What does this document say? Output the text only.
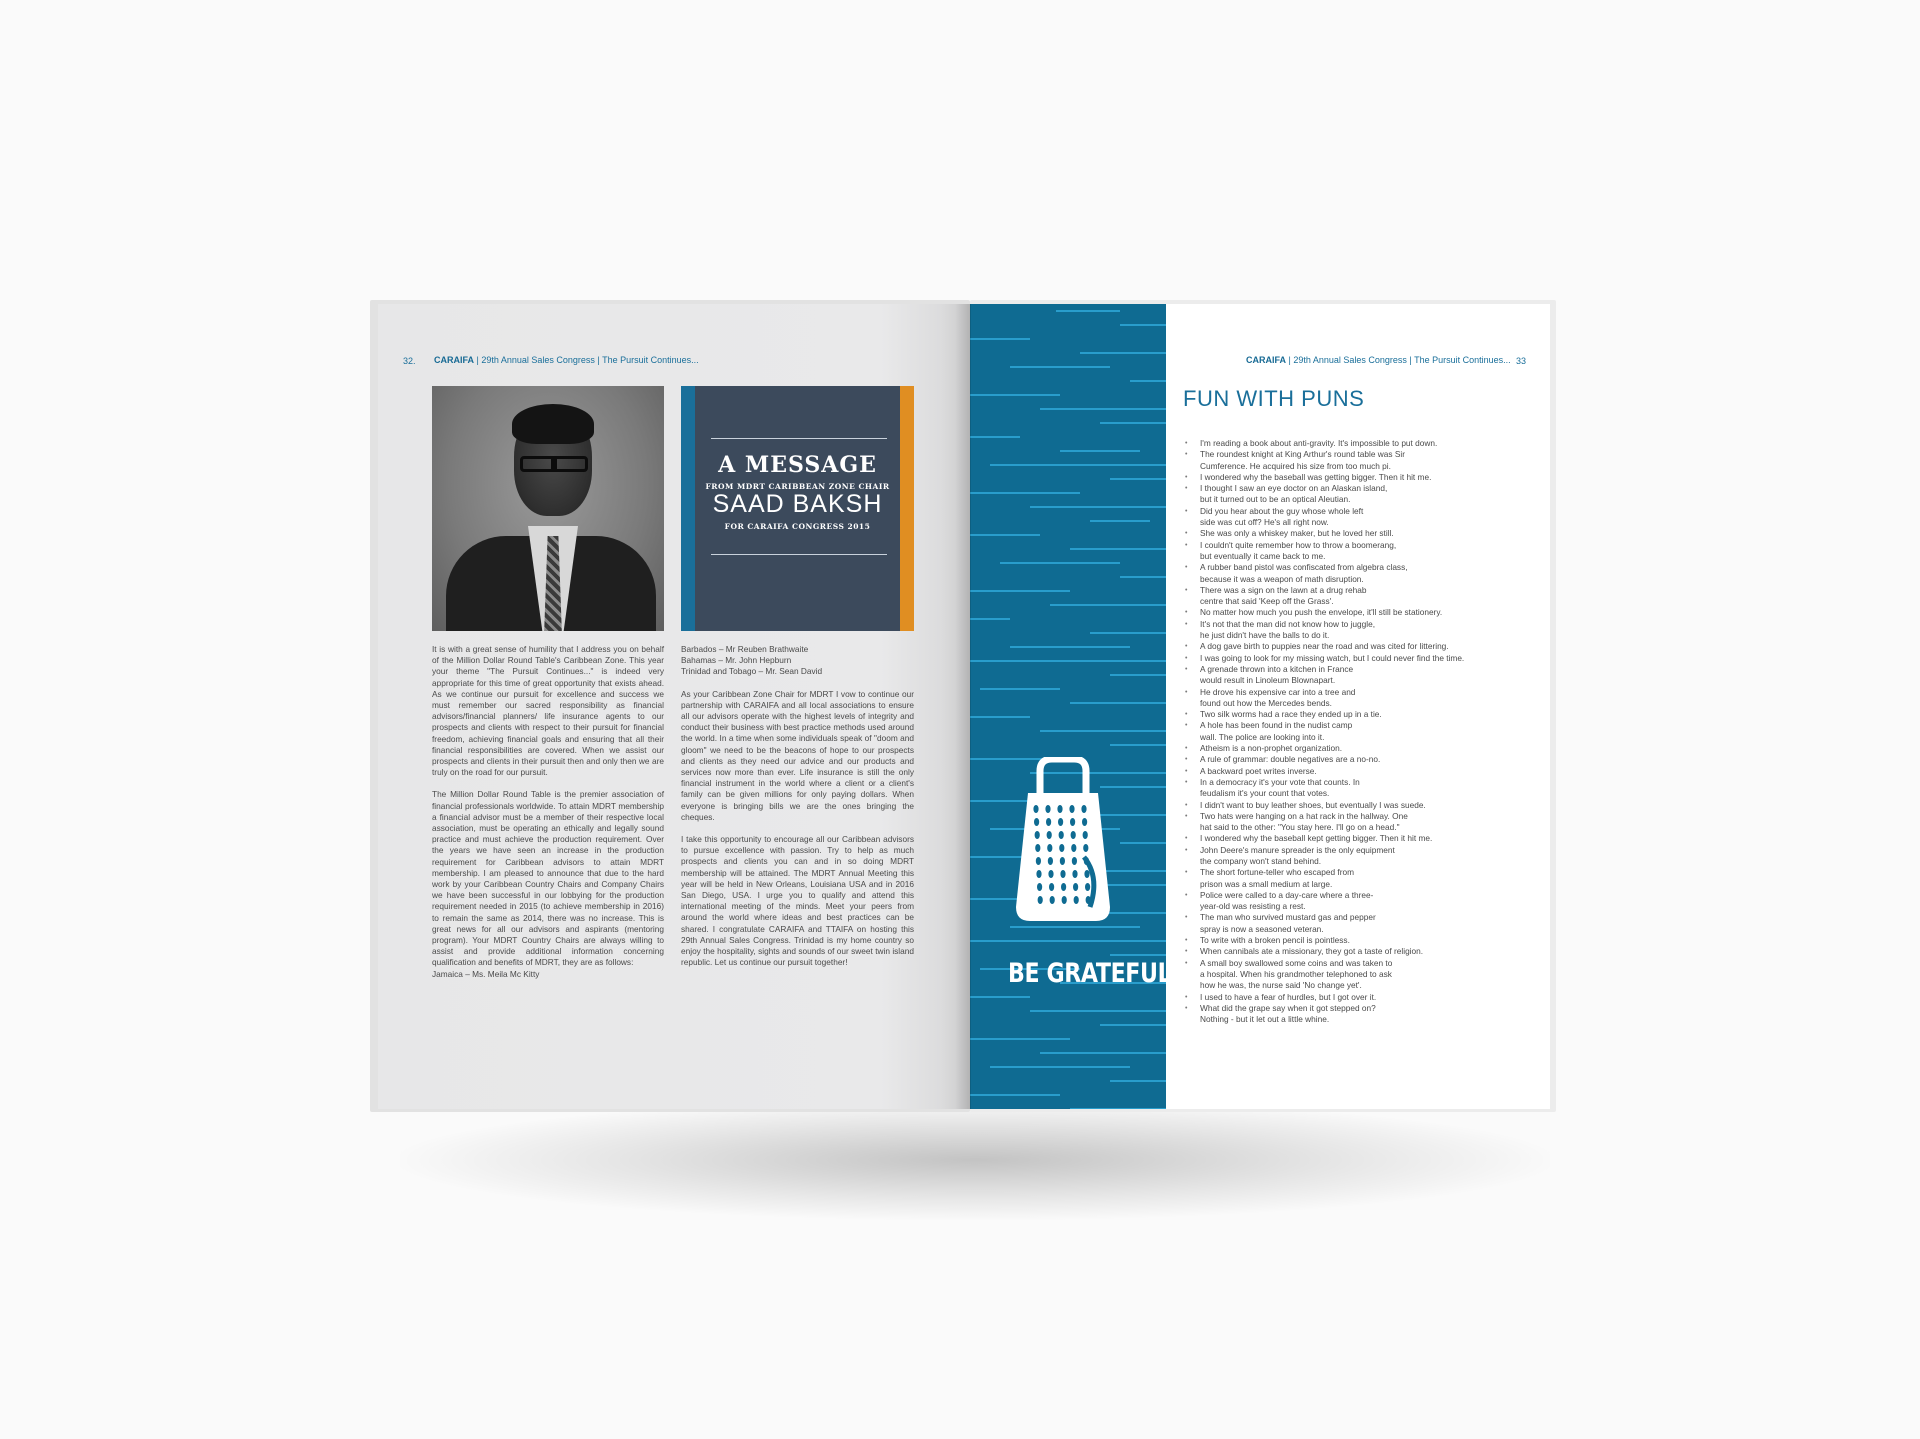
32. CARAIFA | 29th Annual Sales Congress | The Pursuit Continues...
A MESSAGE
FROM MDRT CARIBBEAN ZONE CHAIR
SAAD BAKSH
FOR CARAIFA CONGRESS 2015

It is with a great sense of humility that I address you on behalf of the Million Dollar Round Table's Caribbean Zone. This year your theme "The Pursuit Continues..." is indeed very appropriate for this time of great opportunity that exists ahead. As we continue our pursuit for excellence and success we must remember our sacred responsibility as financial advisors/financial planners/ life insurance agents to our prospects and clients with respect to their pursuit for financial freedom, achieving financial goals and ensuring that all their financial responsibilities are covered. When we assist our prospects and clients in their pursuit then and only then we are truly on the road for our pursuit.

The Million Dollar Round Table is the premier association of financial professionals worldwide. To attain MDRT membership a financial advisor must be a member of their respective local association, must be operating an ethically and legally sound practice and must achieve the production requirement. Over the years we have seen an increase in the production requirement for Caribbean advisors to attain MDRT membership. I am pleased to announce that due to the hard work by your Caribbean Country Chairs and Company Chairs we have been successful in our lobbying for the production requirement needed in 2015 (to achieve membership in 2016) to remain the same as 2014, there was no increase. This is great news for all our advisors and aspirants (mentoring program). Your MDRT Country Chairs are always willing to assist and provide additional information concerning qualification and benefits of MDRT, they are as follows:

Jamaica – Ms. Meila Mc Kitty
Barbados – Mr Reuben Brathwaite
Bahamas – Mr. John Hepburn
Trinidad and Tobago – Mr. Sean David

As your Caribbean Zone Chair for MDRT I vow to continue our partnership with CARAIFA and all local associations to ensure all our advisors operate with the highest levels of integrity and conduct their business with best practice methods used around the world. In a time when some individuals speak of "doom and gloom" we need to be the beacons of hope to our prospects and clients as they need our advice and our products and services now more than ever. Life insurance is still the only financial instrument in the world where a client or a client's family can be given millions for only paying dollars. When everyone is bringing bills we are the ones bringing the cheques.

I take this opportunity to encourage all our Caribbean advisors to pursue excellence with passion. Try to help as much prospects and clients you can and in so doing MDRT membership will be attained. The MDRT Annual Meeting this year will be held in New Orleans, Louisiana USA and in 2016 San Diego, USA. I urge you to qualify and attend this international meeting of the minds. Meet your peers from around the world where ideas and best practices can be shared. I congratulate CARAIFA and TTAIFA on hosting this 29th Annual Sales Congress. Trinidad is my home country so enjoy the hospitality, sights and sounds of our sweet twin island republic. Let us continue our pursuit together!	BE GRATEFUL
CARAIFA | 29th Annual Sales Congress | The Pursuit Continues... 33
FUN WITH PUNS
• I'm reading a book about anti-gravity. It's impossible to put down.
• The roundest knight at King Arthur's round table was Sir
Cumference. He acquired his size from too much pi.
• I wondered why the baseball was getting bigger. Then it hit me.
• I thought I saw an eye doctor on an Alaskan island,
but it turned out to be an optical Aleutian.
• Did you hear about the guy whose whole left
side was cut off? He's all right now.
• She was only a whiskey maker, but he loved her still.
• I couldn't quite remember how to throw a boomerang,
but eventually it came back to me.
• A rubber band pistol was confiscated from algebra class,
because it was a weapon of math disruption.
• There was a sign on the lawn at a drug rehab
centre that said 'Keep off the Grass'.
• No matter how much you push the envelope, it'll still be stationery.
• It's not that the man did not know how to juggle,
he just didn't have the balls to do it.
• A dog gave birth to puppies near the road and was cited for littering.
• I was going to look for my missing watch, but I could never find the time.
• A grenade thrown into a kitchen in France
would result in Linoleum Blownapart.
• He drove his expensive car into a tree and
found out how the Mercedes bends.
• Two silk worms had a race they ended up in a tie.
• A hole has been found in the nudist camp
wall. The police are looking into it.
• Atheism is a non-prophet organization.
• A rule of grammar: double negatives are a no-no.
• A backward poet writes inverse.
• In a democracy it's your vote that counts. In
feudalism it's your count that votes.
• I didn't want to buy leather shoes, but eventually I was suede.
• Two hats were hanging on a hat rack in the hallway. One
hat said to the other: "You stay here. I'll go on a head."
• I wondered why the baseball kept getting bigger. Then it hit me.
• John Deere's manure spreader is the only equipment
the company won't stand behind.
• The short fortune-teller who escaped from
prison was a small medium at large.
• Police were called to a day-care where a three-
year-old was resisting a rest.
• The man who survived mustard gas and pepper
spray is now a seasoned veteran.
• To write with a broken pencil is pointless.
• When cannibals ate a missionary, they got a taste of religion.
• A small boy swallowed some coins and was taken to
a hospital. When his grandmother telephoned to ask
how he was, the nurse said 'No change yet'.
• I used to have a fear of hurdles, but I got over it.
• What did the grape say when it got stepped on?
Nothing - but it let out a little whine.
